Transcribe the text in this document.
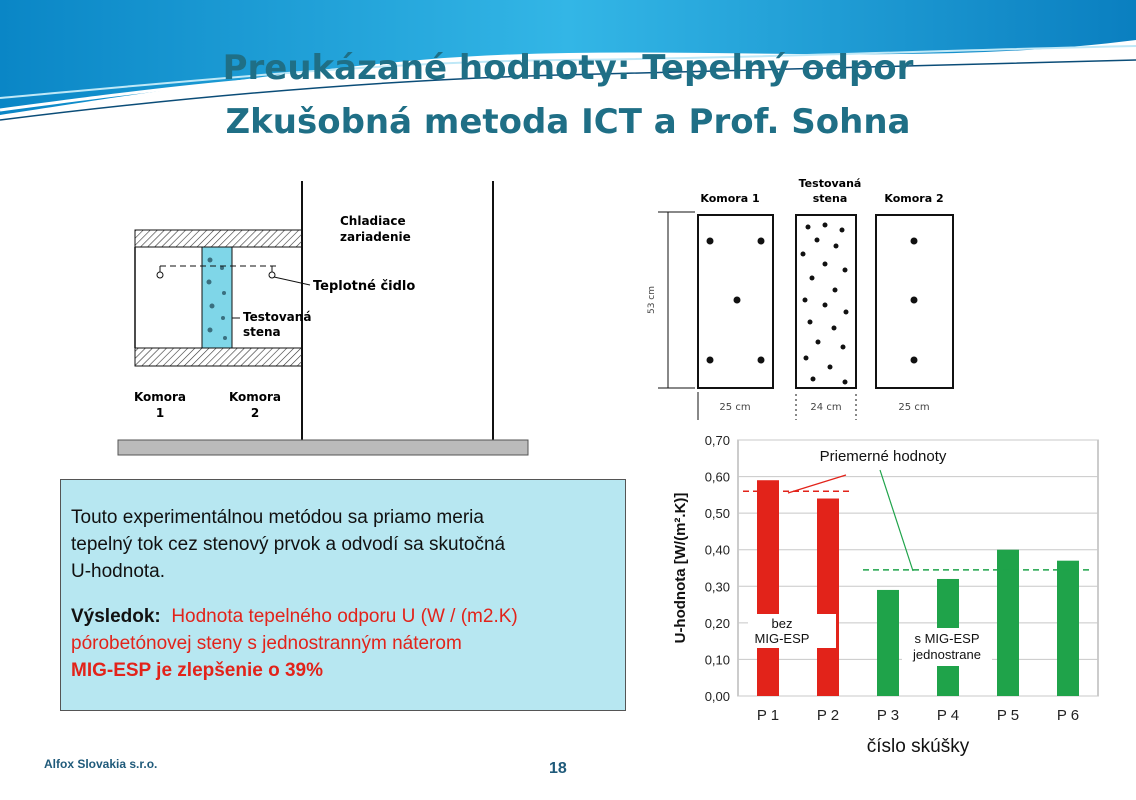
Preukázané hodnoty: Tepelný odpor
Zkušobná metoda ICT a Prof. Sohna
Chladiace
zariadenie
Teplotné čidlo
Testovaná
stena
Komora
1
Komora
2
Komora 1
Testovaná
stena	Komora 2
53 cm
25 cm	24 cm	25 cm
Touto experimentálnou metódou sa priamo meria
tepelný tok cez stenový prvok a odvodí sa skutočná
U-hodnota.
Výsledok: Hodnota tepelného odporu U (W / (m2.K)
pórobetónovej steny s jednostranným náterom
MIG-ESP je zlepšenie o 39%
0,00
0,10
0,20
0,30
0,40
0,50
0,60
0,70
P 1	P 2	P 3	P 4	P 5	P 6
Priemerné hodnoty
bez
MIG-ESP	s MIG-ESP
jednostrane
U-hodnota [W/(m².K)]
číslo skúšky
Alfox Slovakia s.r.o.	18
